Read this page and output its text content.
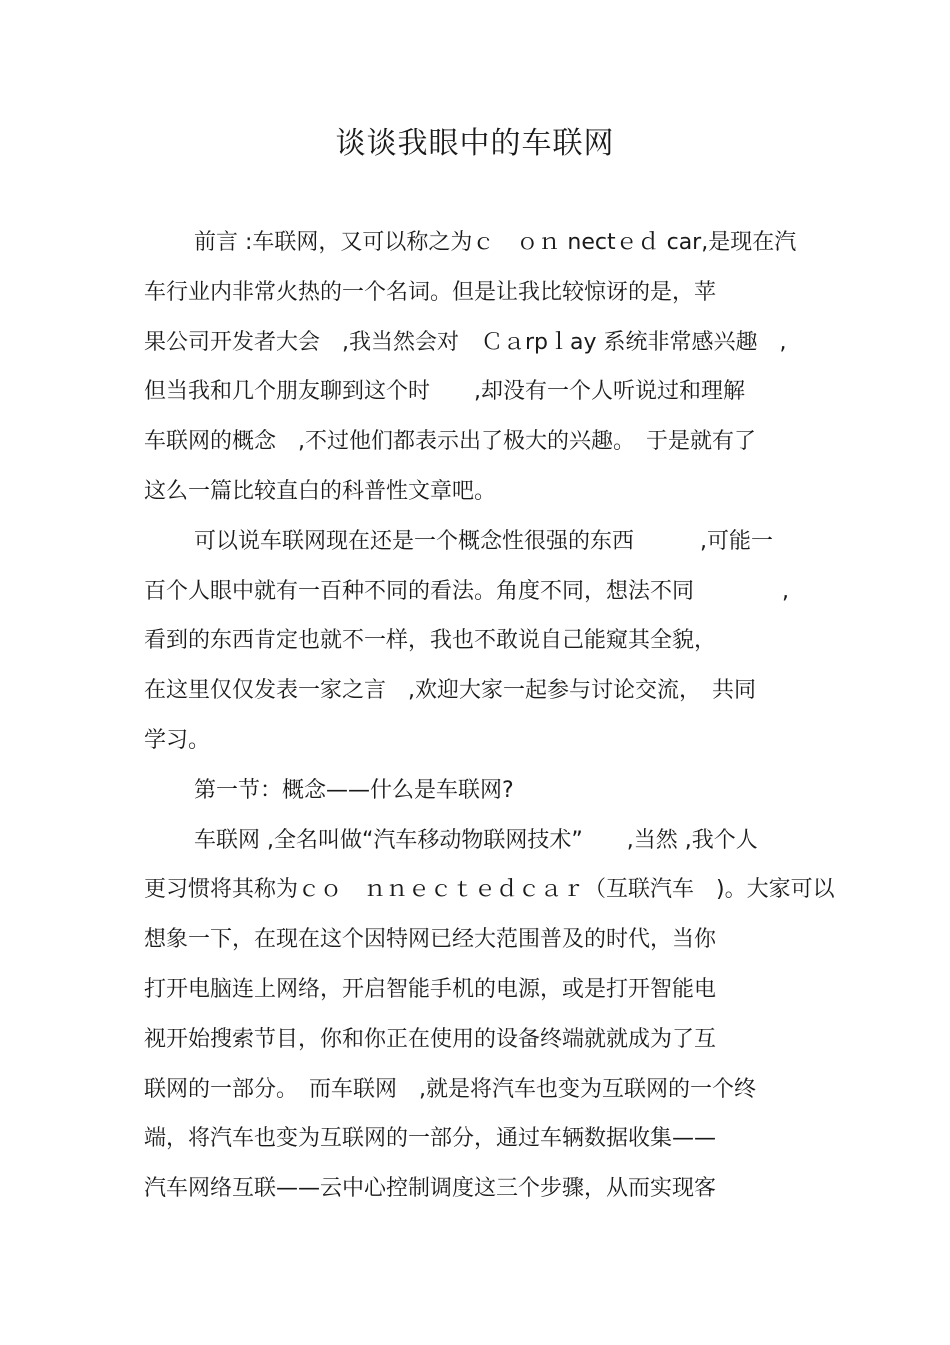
谈谈我眼中的车联网
前言 :车联网，又可以称之为ｃ　ｏｎ nectｅｄ car,是现在汽
车行业内非常火热的一个名词。但是让我比较惊讶的是，苹
果公司开发者大会　,我当然会对　Ｃａrpｌay 系统非常感兴趣　,
但当我和几个朋友聊到这个时　　,却没有一个人听说过和理解
车联网的概念　,不过他们都表示出了极大的兴趣。　于是就有了
这么一篇比较直白的科普性文章吧。
可以说车联网现在还是一个概念性很强的东西　　　,可能一
百个人眼中就有一百种不同的看法。角度不同，想法不同　　　　,
看到的东西肯定也就不一样，我也不敢说自己能窥其全貌，
在这里仅仅发表一家之言　,欢迎大家一起参与讨论交流，　共同
学习。
第一节：概念——什么是车联网?
车联网 ,全名叫做“汽车移动物联网技术”　　,当然 ,我个人
更习惯将其称为ｃｏ　ｎｎｅｃｔｅｄｃａｒ（互联汽车　)。大家可以
想象一下，在现在这个因特网已经大范围普及的时代，当你
打开电脑连上网络，开启智能手机的电源，或是打开智能电
视开始搜索节目，你和你正在使用的设备终端就就成为了互
联网的一部分。　而车联网　,就是将汽车也变为互联网的一个终
端，将汽车也变为互联网的一部分，通过车辆数据收集——
汽车网络互联——云中心控制调度这三个步骤，从而实现客
